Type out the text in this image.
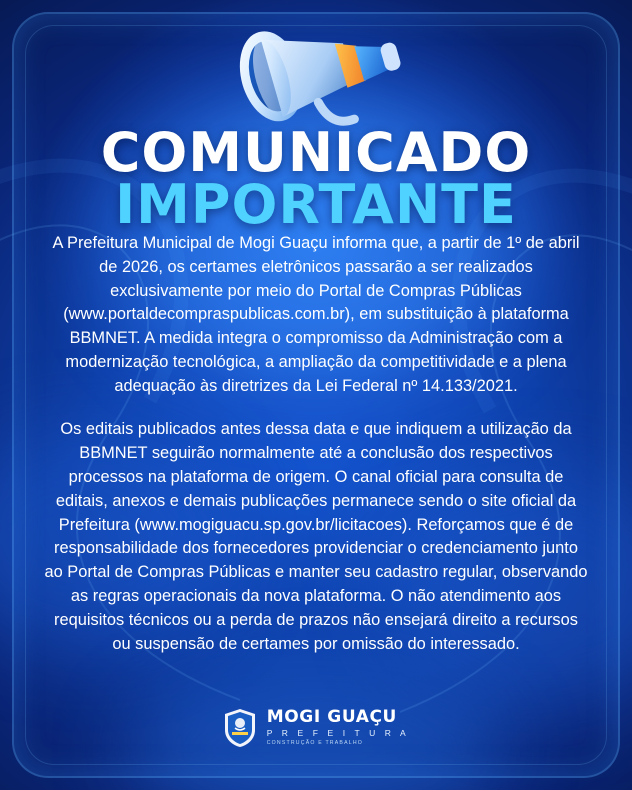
COMUNICADO
IMPORTANTE

A Prefeitura Municipal de Mogi Guaçu informa que, a partir de 1º de abril de 2026, os certames eletrônicos passarão a ser realizados exclusivamente por meio do Portal de Compras Públicas (www.portaldecompraspublicas.com.br), em substituição à plataforma BBMNET. A medida integra o compromisso da Administração com a modernização tecnológica, a ampliação da competitividade e a plena adequação às diretrizes da Lei Federal nº 14.133/2021.

Os editais publicados antes dessa data e que indiquem a utilização da BBMNET seguirão normalmente até a conclusão dos respectivos processos na plataforma de origem. O canal oficial para consulta de editais, anexos e demais publicações permanece sendo o site oficial da Prefeitura (www.mogiguacu.sp.gov.br/licitacoes). Reforçamos que é de responsabilidade dos fornecedores providenciar o credenciamento junto ao Portal de Compras Públicas e manter seu cadastro regular, observando as regras operacionais da nova plataforma. O não atendimento aos requisitos técnicos ou a perda de prazos não ensejará direito a recursos ou suspensão de certames por omissão do interessado.

MOGI GUAÇU
P R E F E I T U R A
CONSTRUÇÃO E TRABALHO
